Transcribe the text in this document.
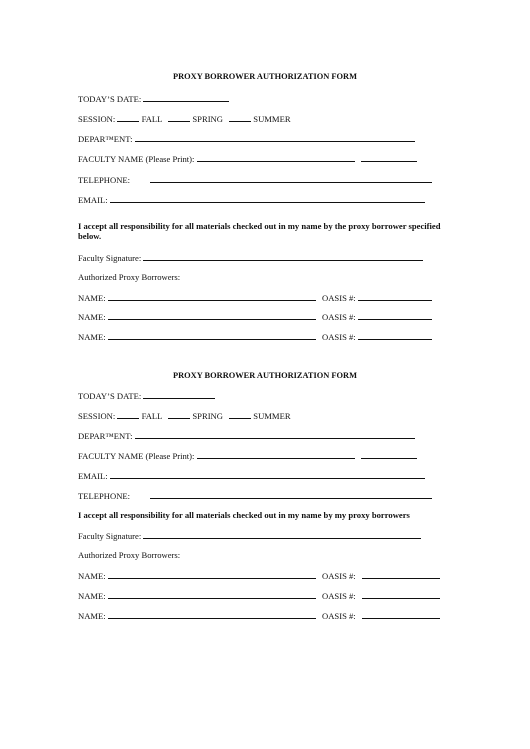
PROXY BORROWER AUTHORIZATION FORM
TODAY’S DATE:
SESSION:	FALL	SPRING	SUMMER
DEPAR™ENT:
FACULTY NAME (Please Print):
TELEPHONE:
EMAIL:
I accept all responsibility for all materials checked out in my name by the proxy borrower specified below.
Faculty Signature:
Authorized Proxy Borrowers:
NAME:	OASIS #:
NAME:	OASIS #:
NAME:	OASIS #:
PROXY BORROWER AUTHORIZATION FORM
TODAY’S DATE:
SESSION:	FALL	SPRING	SUMMER
DEPAR™ENT:
FACULTY NAME (Please Print):
EMAIL:
TELEPHONE:
I accept all responsibility for all materials checked out in my name by my proxy borrowers
Faculty Signature:
Authorized Proxy Borrowers:
NAME:	OASIS #:
NAME:	OASIS #:
NAME:	OASIS #:
